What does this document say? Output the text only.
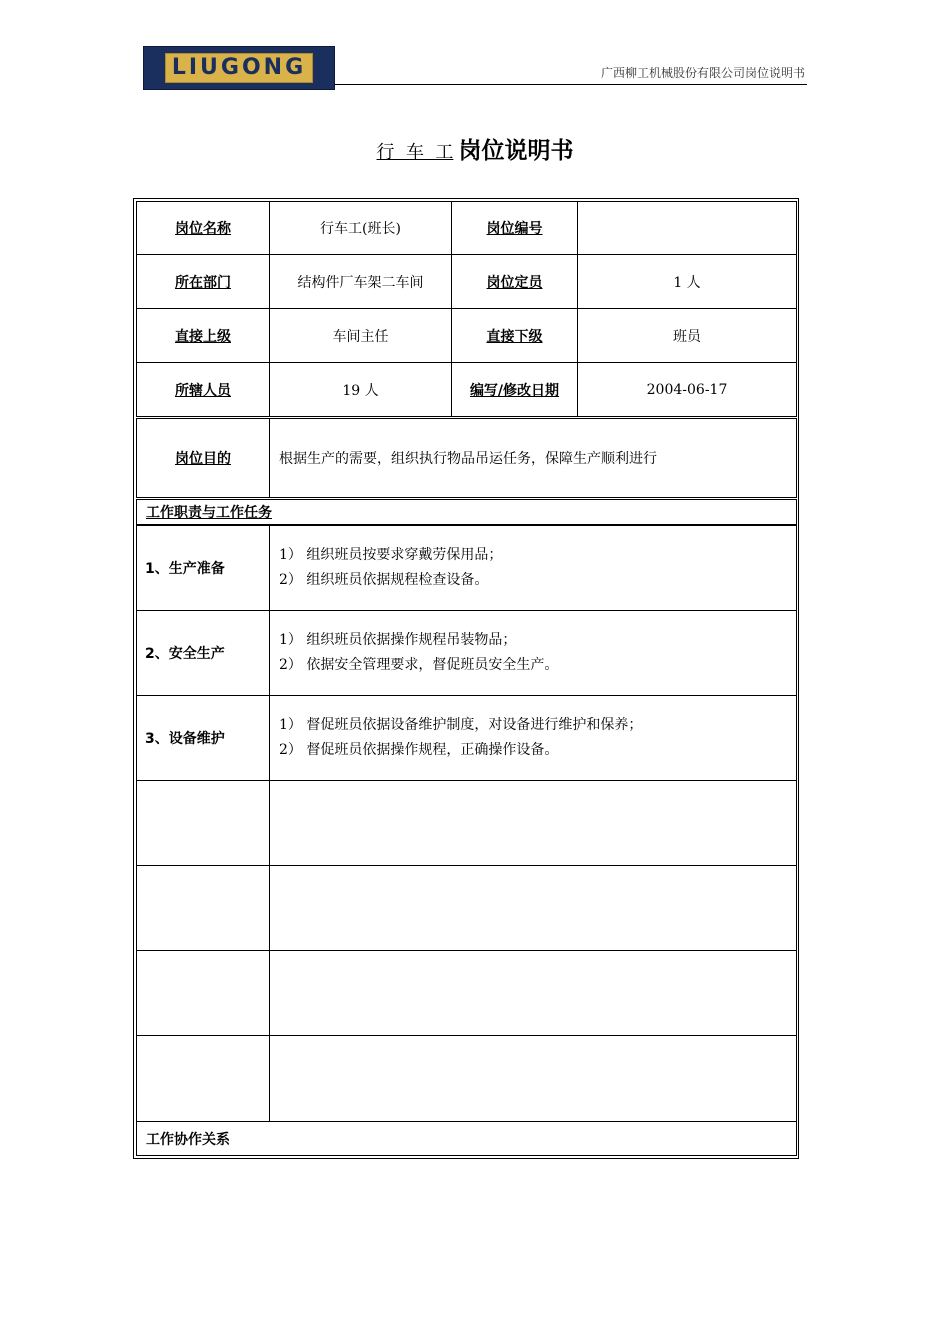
LIUGONG	广西柳工机械股份有限公司岗位说明书
行  车  工 岗位说明书
岗位名称	行车工(班长)	岗位编号
所在部门	结构件厂车架二车间	岗位定员	1 人
直接上级	车间主任	直接下级	班员
所辖人员	19 人	编写/修改日期	2004-06-17
岗位目的	根据生产的需要，组织执行物品吊运任务，保障生产顺利进行
工作职责与工作任务
1、生产准备
1） 组织班员按要求穿戴劳保用品；
2） 组织班员依据规程检查设备。
2、安全生产
1） 组织班员依据操作规程吊装物品；
2） 依据安全管理要求，督促班员安全生产。
3、设备维护
1） 督促班员依据设备维护制度，对设备进行维护和保养；
2） 督促班员依据操作规程，正确操作设备。
工作协作关系
